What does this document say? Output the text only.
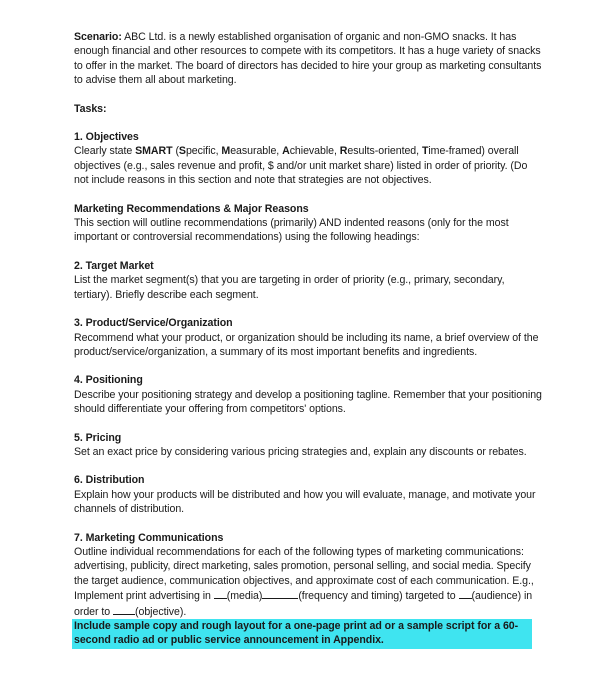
Scenario: ABC Ltd. is a newly established organisation of organic and non-GMO snacks. It has enough financial and other resources to compete with its competitors. It has a huge variety of snacks to offer in the market. The board of directors has decided to hire your group as marketing consultants to advise them all about marketing.

Tasks:

1. Objectives
Clearly state SMART (Specific, Measurable, Achievable, Results-oriented, Time-framed) overall objectives (e.g., sales revenue and profit, $ and/or unit market share) listed in order of priority. (Do not include reasons in this section and note that strategies are not objectives.
Marketing Recommendations & Major Reasons
This section will outline recommendations (primarily) AND indented reasons (only for the most important or controversial recommendations) using the following headings:
2. Target Market
List the market segment(s) that you are targeting in order of priority (e.g., primary, secondary, tertiary). Briefly describe each segment.
3. Product/Service/Organization
Recommend what your product, or organization should be including its name, a brief overview of the product/service/organization, a summary of its most important benefits and ingredients.
4. Positioning
Describe your positioning strategy and develop a positioning tagline. Remember that your positioning should differentiate your offering from competitors' options.
5. Pricing
Set an exact price by considering various pricing strategies and, explain any discounts or rebates.
6. Distribution
Explain how your products will be distributed and how you will evaluate, manage, and motivate your channels of distribution.
7. Marketing Communications
Outline individual recommendations for each of the following types of marketing communications: advertising, publicity, direct marketing, sales promotion, personal selling, and social media. Specify the target audience, communication objectives, and approximate cost of each communication. E.g., Implement print advertising in (media)	(frequency and timing) targeted to (audience) in order to (objective).
Include sample copy and rough layout for a one-page print ad or a sample script for a 60-second radio ad or public service announcement in Appendix.
